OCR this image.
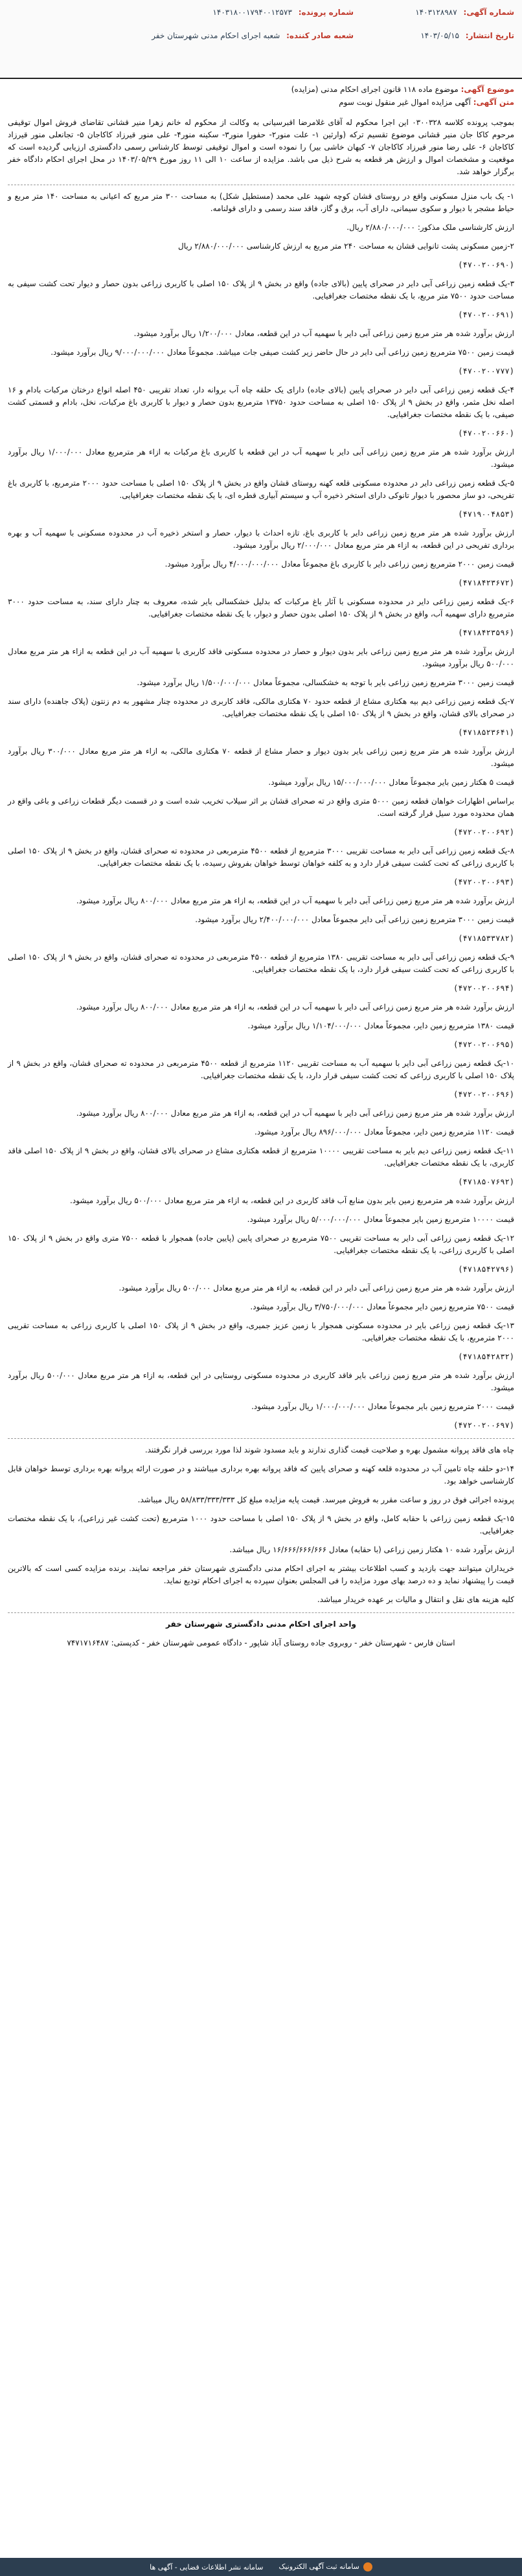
شماره آگهی: ۱۴۰۳۱۲۸۹۸۷
شماره پرونده: ۱۴۰۳۱۸۰۰۱۷۹۴۰۰۱۲۵۷۳
تاریخ انتشار: ۱۴۰۳/۰۵/۱۵
شعبه صادر کننده: شعبه اجرای احکام مدنی شهرستان خفر
موضوع آگهی: موضوع ماده ۱۱۸ قانون اجرای احکام مدنی (مزایده)
متن آگهی: آگهی مزایده اموال غیر منقول نوبت سوم

بموجب پرونده کلاسه ۰۳۰۰۳۲۸ این اجرا محکوم له آقای غلامرضا اقبرسیانی به وکالت از محکوم له خانم زهرا منیر قشانی تقاضای فروش اموال توقیفی مرحوم کاکا جان منیر قشانی موضوع تقسیم ترکه (وارثین ۱- علت منور۲- حفورا منور۳- سکینه منور۴- علی منور قیرزاد کاکاجان ۵- تجانعلی منور قیرزاد کاکاجان ۶- علی رضا منور قیرزاد کاکاجان ۷- کیهان خاشی بیر) را نموده است و اموال توقیفی توسط کارشناس رسمی دادگستری ارزیابی گردیده است که موقعیت و مشخصات اموال و ارزش هر قطعه به شرح ذیل می باشد. مزایده از ساعت ۱۰ الی ۱۱ روز مورخ ۱۴۰۳/۰۵/۲۹ در محل اجرای احکام دادگاه خفر برگزار خواهد شد.

۱- یک باب منزل مسکونی واقع در روستای قشان کوچه شهید علی محمد (مستطیل شکل) به مساحت ۳۰۰ متر مربع که اعیانی به مساحت ۱۴۰ متر مربع و حیاط مشجر با دیوار و سکوی سیمانی، دارای آب، برق و گاز، فاقد سند رسمی و دارای قولنامه.

ارزش کارشناسی ملک مذکور: ۲/۸۸۰/۰۰۰/۰۰۰ ریال.

۲-زمین مسکونی پشت تانوایی قشان به مساحت ۲۴۰ متر مربع به ارزش کارشناسی ۲/۸۸۰/۰۰۰/۰۰۰ ریال

(۴۷۰۰۲۰۰۶۹۰)

۳-یک قطعه زمین زراعی آبی دایر در صحرای پایین (بالای جاده) واقع در بخش ۹ از پلاک ۱۵۰ اصلی با کاربری زراعی بدون حصار و دیوار تحت کشت سیفی به مساحت حدود ۷۵۰۰ متر مربع، با یک نقطه مختصات جغرافیایی.

(۴۷۰۰۲۰۰۶۹۱)

ارزش برآورد شده هر متر مربع زمین زراعی آبی دایر با سهمیه آب در این قطعه، معادل ۱/۲۰۰/۰۰۰ ریال برآورد میشود.

قیمت زمین ۷۵۰۰ مترمربع زمین زراعی آبی دایر در حال حاضر زیر کشت صیفی جات میباشد. مجموعاً معادل ۹/۰۰۰/۰۰۰/۰۰۰ ریال برآورد میشود.

(۴۷۰۰۲۰۰۷۷۷)

۴-یک قطعه زمین زراعی آبی دایر در صحرای پایین (بالای جاده) دارای یک حلقه چاه آب بروانه دار، تعداد تقریبی ۴۵۰ اصله انواع درختان مرکبات بادام و ۱۶ اصله نخل مثمر، واقع در بخش ۹ از پلاک ۱۵۰ اصلی به مساحت حدود ۱۳۷۵۰ مترمربع بدون حصار و دیوار با کاربری باغ مرکبات، نخل، بادام و قسمتی کشت صیفی، با یک نقطه مختصات جغرافیایی.

(۴۷۰۰۲۰۰۶۶۰)

ارزش برآورد شده هر متر مربع زمین زراعی آبی دایر با سهمیه آب در این قطعه با کاربری باغ مرکبات به ازاء هر مترمربع معادل ۱/۰۰۰/۰۰۰ ریال برآورد میشود.

۵-یک قطعه زمین زراعی دایر در محدوده مسکونی قلعه کهنه روستای قشان واقع در بخش ۹ از پلاک ۱۵۰ اصلی با مساحت حدود ۲۰۰۰ مترمربع، با کاربری باغ تفریحی، دو ساز محصور با دیوار تانوکی دارای استخر ذخیره آب و سیستم آبیاری قطره ای، با یک نقطه مختصات جغرافیایی.

(۴۷۱۹۰۰۴۸۵۳)

ارزش برآورد شده هر متر مربع زمین زراعی دایر با کاربری باغ، تازه احداث با دیوار، حصار و استخر ذخیره آب در محدوده مسکونی با سهمیه آب و بهره برداری تفریحی در این قطعه، به ازاء هر متر مربع معادل ۲/۰۰۰/۰۰۰ ریال برآورد میشود.

قیمت زمین ۲۰۰۰ مترمربع زمین زراعی دایر با کاربری باغ مجموعاً معادل ۴/۰۰۰/۰۰۰/۰۰۰ ریال برآورد میشود.

(۴۷۱۸۴۲۳۶۷۲)

۶-یک قطعه زمین زراعی دایر در محدوده مسکونی با آثار باغ مرکبات که بدلیل خشکسالی بایر شده، معروف به چنار دارای سند، به مساحت حدود ۳۰۰۰ مترمربع دارای سهمیه آب، واقع در بخش ۹ از پلاک ۱۵۰ اصلی بدون حصار و دیوار، با یک نقطه مختصات جغرافیایی.

(۴۷۱۸۴۲۳۵۹۶)

ارزش برآورد شده هر متر مربع زمین زراعی بایر بدون دیوار و حصار در محدوده مسکونی فاقد کاربری با سهمیه آب در این قطعه به ازاء هر متر مربع معادل ۵۰۰/۰۰۰ ریال برآورد میشود.

قیمت زمین ۳۰۰۰ مترمربع زمین زراعی بایر با توجه به خشکسالی، مجموعاً معادل ۱/۵۰۰/۰۰۰/۰۰۰ ریال برآورد میشود.

۷-یک قطعه زمین زراعی دیم بیه هکتاری مشاع از قطعه حدود ۷۰ هکتاری مالکی، فاقد کاربری در محدوده چنار مشهور به دم زنتون (پلاک جاهنده) دارای سند در صحرای بالای قشان، واقع در بخش ۹ از پلاک ۱۵۰ اصلی با یک نقطه مختصات جغرافیایی.

(۴۷۱۸۵۲۳۶۴۱)

ارزش برآورد شده هر متر مربع زمین زراعی بایر بدون دیوار و حصار مشاع از قطعه ۷۰ هکتاری مالکی، به ازاء هر متر مربع معادل ۳۰۰/۰۰۰ ریال برآورد میشود.

قیمت ۵ هکتار زمین بایر مجموعاً معادل ۱۵/۰۰۰/۰۰۰/۰۰۰ ریال برآورد میشود.

براساس اظهارات خواهان قطعه زمین ۵۰۰۰ متری واقع در ته صحرای قشان بر اثر سیلاب تخریب شده است و در قسمت دیگر قطعات زراعی و باغی واقع در همان محدوده مورد سیل قرار گرفته است.

(۴۷۲۰۰۲۰۰۶۹۲)

۸-یک قطعه زمین زراعی آبی دایر به مساحت تقریبی ۳۰۰۰ مترمربع از قطعه ۴۵۰۰ مترمربعی در محدوده ته صحرای قشان، واقع در بخش ۹ از پلاک ۱۵۰ اصلی با کاربری زراعی که تحت کشت سیفی قرار دارد و به کلفه خواهان توسط خواهان بفروش رسیده، با یک نقطه مختصات جغرافیایی.

(۴۷۲۰۰۲۰۰۶۹۳)

ارزش برآورد شده هر متر مربع زمین زراعی آبی دایر با سهمیه آب در این قطعه، به ازاء هر متر مربع معادل ۸۰۰/۰۰۰ ریال برآورد میشود.

قیمت زمین ۳۰۰۰ مترمربع زمین زراعی آبی دایر مجموعاً معادل ۲/۴۰۰/۰۰۰/۰۰۰ ریال برآورد میشود.

(۴۷۱۸۵۳۳۷۸۲)

۹-یک قطعه زمین زراعی آبی دایر به مساحت تقریبی ۱۳۸۰ مترمربع از قطعه ۴۵۰۰ مترمربعی در محدوده ته صحرای قشان، واقع در بخش ۹ از پلاک ۱۵۰ اصلی با کاربری زراعی که تحت کشت سیفی قرار دارد، با یک نقطه مختصات جغرافیایی.

(۴۷۲۰۰۲۰۰۶۹۴)

ارزش برآورد شده هر متر مربع زمین زراعی آبی دایر با سهمیه آب در این قطعه، به ازاء هر متر مربع معادل ۸۰۰/۰۰۰ ریال برآورد میشود.

قیمت ۱۳۸۰ مترمربع زمین دایر، مجموعاً معادل ۱/۱۰۴/۰۰۰/۰۰۰ ریال برآورد میشود.

(۴۷۲۰۰۲۰۰۶۹۵)

۱۰-یک قطعه زمین زراعی آبی دایر با سهمیه آب به مساحت تقریبی ۱۱۲۰ مترمربع از قطعه ۴۵۰۰ مترمربعی در محدوده ته صحرای قشان، واقع در بخش ۹ از پلاک ۱۵۰ اصلی با کاربری زراعی که تحت کشت سیفی قرار دارد، با یک نقطه مختصات جغرافیایی.

(۴۷۲۰۰۲۰۰۶۹۶)

ارزش برآورد شده هر متر مربع زمین زراعی آبی دایر با سهمیه آب در این قطعه، به ازاء هر متر مربع معادل ۸۰۰/۰۰۰ ریال برآورد میشود.

قیمت ۱۱۲۰ مترمربع زمین دایر، مجموعاً معادل ۸۹۶/۰۰۰/۰۰۰ ریال برآورد میشود.

۱۱-یک قطعه زمین زراعی دیم بایر به مساحت تقریبی ۱۰۰۰۰ مترمربع از قطعه هکتاری مشاع در صحرای بالای قشان، واقع در بخش ۹ از پلاک ۱۵۰ اصلی فاقد کاربری، با یک نقطه مختصات جغرافیایی.

(۴۷۱۸۵۰۷۶۹۲)

ارزش برآورد شده هر مترمربع زمین بایر بدون منابع آب فاقد کاربری در این قطعه، به ازاء هر متر مربع معادل ۵۰۰/۰۰۰ ریال برآورد میشود.

قیمت ۱۰۰۰۰ مترمربع زمین بایر مجموعاً معادل ۵/۰۰۰/۰۰۰/۰۰۰ ریال برآورد میشود.

۱۲-یک قطعه زمین زراعی آبی دایر به مساحت تقریبی ۷۵۰۰ مترمربع در صحرای پایین (پایین جاده) همجوار با قطعه ۷۵۰۰ متری واقع در بخش ۹ از پلاک ۱۵۰ اصلی با کاربری زراعی، با یک نقطه مختصات جغرافیایی.

(۴۷۱۸۵۴۲۷۹۶)

ارزش برآورد شده هر متر مربع زمین زراعی آبی دایر در این قطعه، به ازاء هر متر مربع معادل ۵۰۰/۰۰۰ ریال برآورد میشود.

قیمت ۷۵۰۰ مترمربع زمین دایر مجموعاً معادل ۳/۷۵۰/۰۰۰/۰۰۰ ریال برآورد میشود.

۱۳-یک قطعه زمین زراعی بایر در محدوده مسکونی همجوار با زمین عزیز جمیری، واقع در بخش ۹ از پلاک ۱۵۰ اصلی با کاربری زراعی به مساحت تقریبی ۲۰۰۰ مترمربع، با یک نقطه مختصات جغرافیایی.

(۴۷۱۸۵۴۲۸۳۲)

ارزش برآورد شده هر متر مربع زمین زراعی بایر فاقد کاربری در محدوده مسکونی روستایی در این قطعه، به ازاء هر متر مربع معادل ۵۰۰/۰۰۰ ریال برآورد میشود.

قیمت ۲۰۰۰ مترمربع زمین بایر مجموعاً معادل ۱/۰۰۰/۰۰۰/۰۰۰ ریال برآورد میشود.

(۴۷۲۰۰۲۰۰۶۹۷)

چاه های فاقد پروانه مشمول بهره و صلاحیت قیمت گذاری ندارند و باید مسدود شوند لذا مورد بررسی قرار نگرفتند.

۱۴-دو حلقه چاه تامین آب در محدوده قلعه کهنه و صحرای پایین که فاقد پروانه بهره برداری میباشند و در صورت ارائه پروانه بهره برداری توسط خواهان قابل کارشناسی خواهد بود.

پرونده اجرائی فوق در روز و ساعت مقرر به فروش میرسد. قیمت پایه مزایده مبلغ کل ۵۸/۸۳۳/۳۳۳/۳۳۳ ریال میباشد.

۱۵-یک قطعه زمین زراعی با حقابه کامل، واقع در بخش ۹ از پلاک ۱۵۰ اصلی با مساحت حدود ۱۰۰۰ مترمربع (تحت کشت غیر زراعی)، با یک نقطه مختصات جغرافیایی.

ارزش برآورد شده ۱۰ هکتار زمین زراعی (با حقابه) معادل ۱۶/۶۶۶/۶۶۶/۶۶۶ ریال میباشد.

خریداران میتوانند جهت بازدید و کسب اطلاعات بیشتر به اجرای احکام مدنی دادگستری شهرستان خفر مراجعه نمایند. برنده مزایده کسی است که بالاترین قیمت را پیشنهاد نماید و ده درصد بهای مورد مزایده را فی المجلس بعنوان سپرده به اجرای احکام تودیع نماید.

کلیه هزینه های نقل و انتقال و مالیات بر عهده خریدار میباشد.

واحد اجرای احکام مدنی دادگستری شهرستان خفر

استان فارس - شهرستان خفر - روبروی جاده روستای آباد شاپور - دادگاه عمومی شهرستان خفر - کدپستی: ۷۴۷۱۷۱۶۴۸۷

سامانه ثبت آگهی الکترونیک
سامانه نشر اطلاعات قضایی - آگهی ها
